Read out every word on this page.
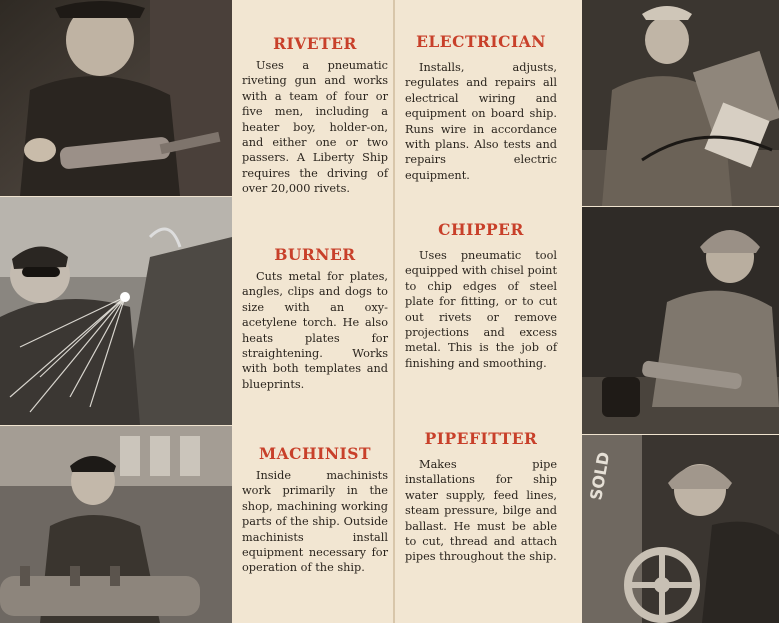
SOLD
RIVETER

Uses a pneumatic riveting gun and works with a team of four or five men, including a heater boy, holder-on, and either one or two passers. A Liberty Ship requires the driving of over 20,000 rivets.

BURNER

Cuts metal for plates, angles, clips and dogs to size with an oxy-acetylene torch. He also heats plates for straightening. Works with both templates and blueprints.

MACHINIST

Inside machinists work primarily in the shop, machining working parts of the ship. Outside machinists install equipment necessary for operation of the ship.

ELECTRICIAN

Installs, adjusts, regulates and repairs all electrical wiring and equipment on board ship. Runs wire in accordance with plans. Also tests and repairs electric equipment.

CHIPPER

Uses pneumatic tool equipped with chisel point to chip edges of steel plate for fitting, or to cut out rivets or remove projections and excess metal. This is the job of finishing and smoothing.

PIPEFITTER

Makes pipe installations for ship water supply, feed lines, steam pressure, bilge and ballast. He must be able to cut, thread and attach pipes throughout the ship.
